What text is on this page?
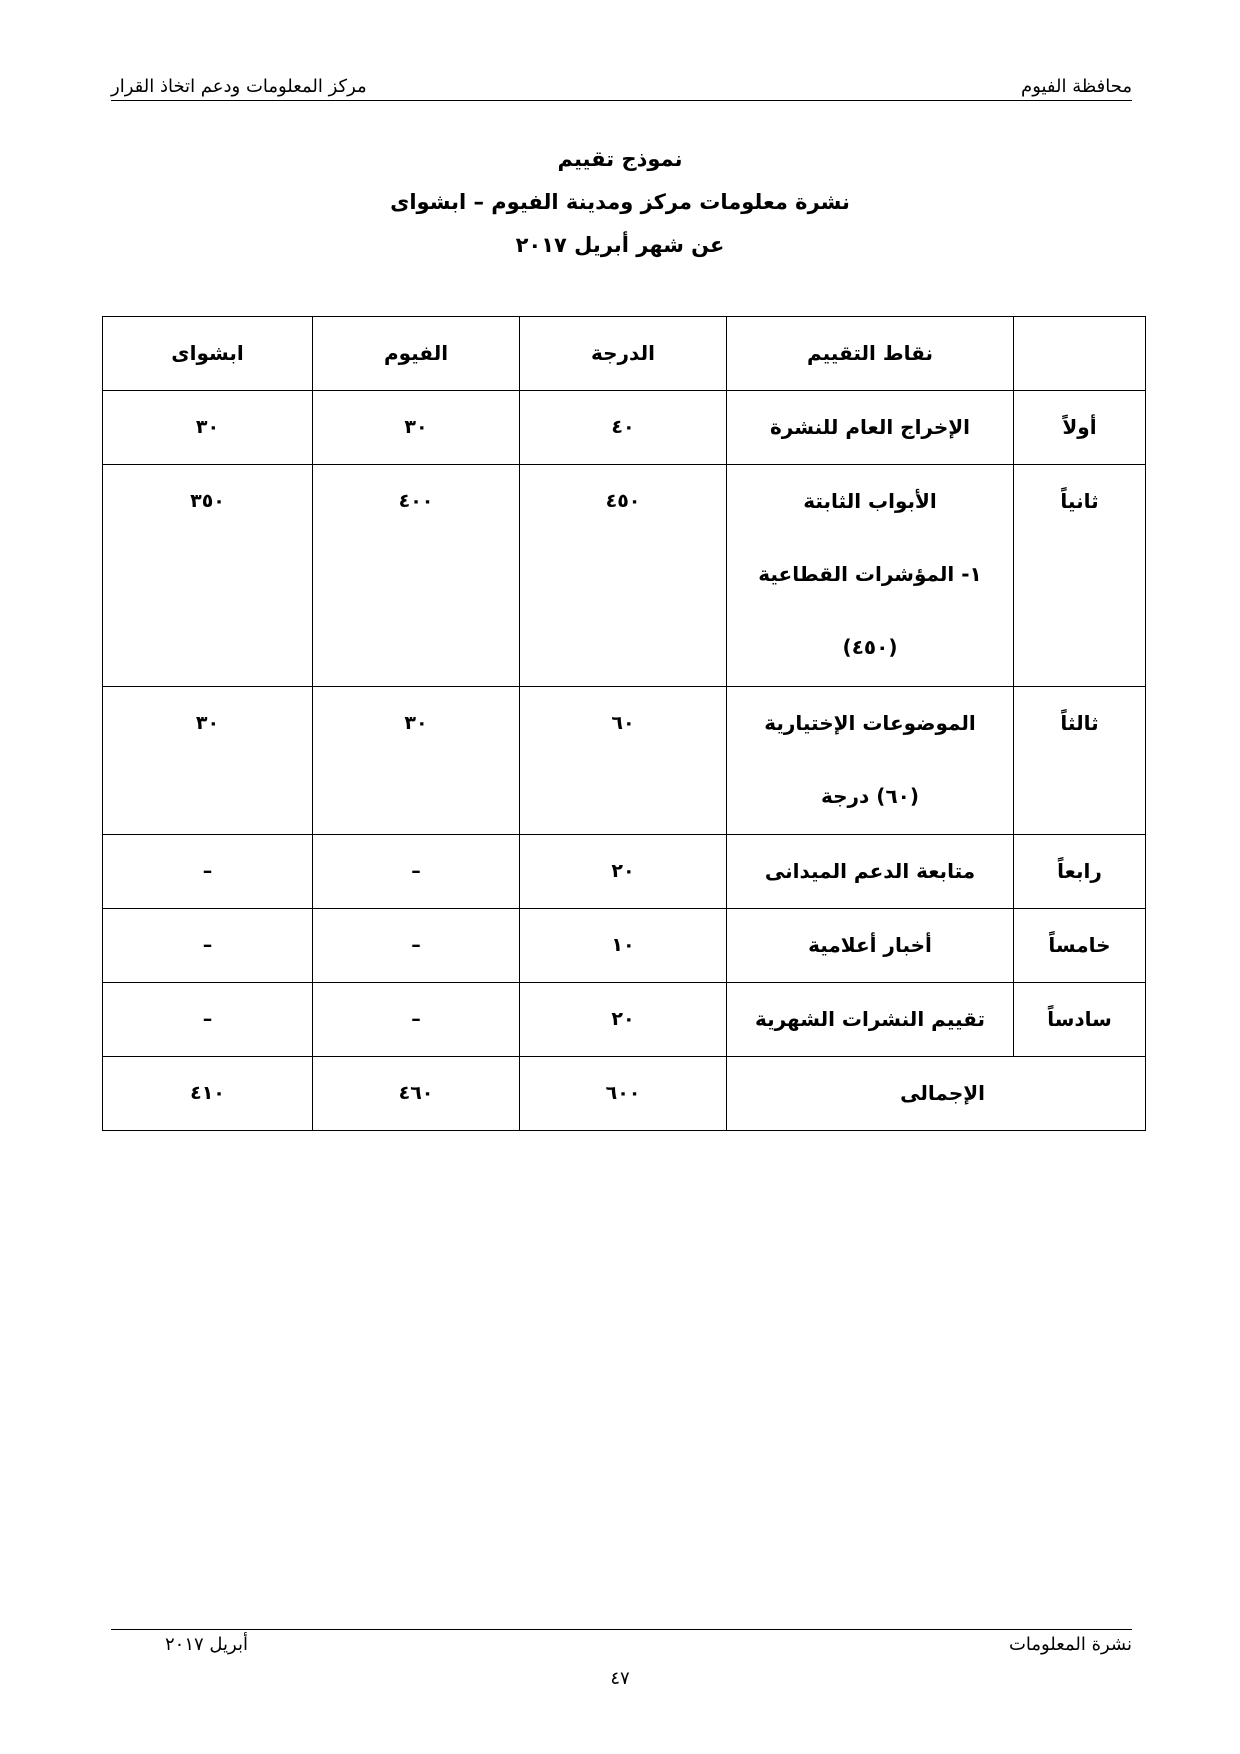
محافظة الفيوم
مركز المعلومات ودعم اتخاذ القرار
نموذج تقييم
نشرة معلومات مركز ومدينة الفيوم – ابشواى
عن شهر أبريل ٢٠١٧
	نقاط التقييم	الدرجة	الفيوم	ابشواى
أولاً	الإخراج العام للنشرة	٤٠	٣٠	٣٠
ثانياً	الأبواب الثابتة
١- المؤشرات القطاعية
(٤٥٠)	٤٥٠	٤٠٠	٣٥٠
ثالثاً	الموضوعات الإختيارية
(٦٠) درجة	٦٠	٣٠	٣٠
رابعاً	متابعة الدعم الميدانى	٢٠	–	–
خامساً	أخبار أعلامية	١٠	–	–
سادساً	تقييم النشرات الشهرية	٢٠	–	–
الإجمالى		٦٠٠	٤٦٠	٤١٠
نشرة المعلومات
أبريل ٢٠١٧
٤٧
